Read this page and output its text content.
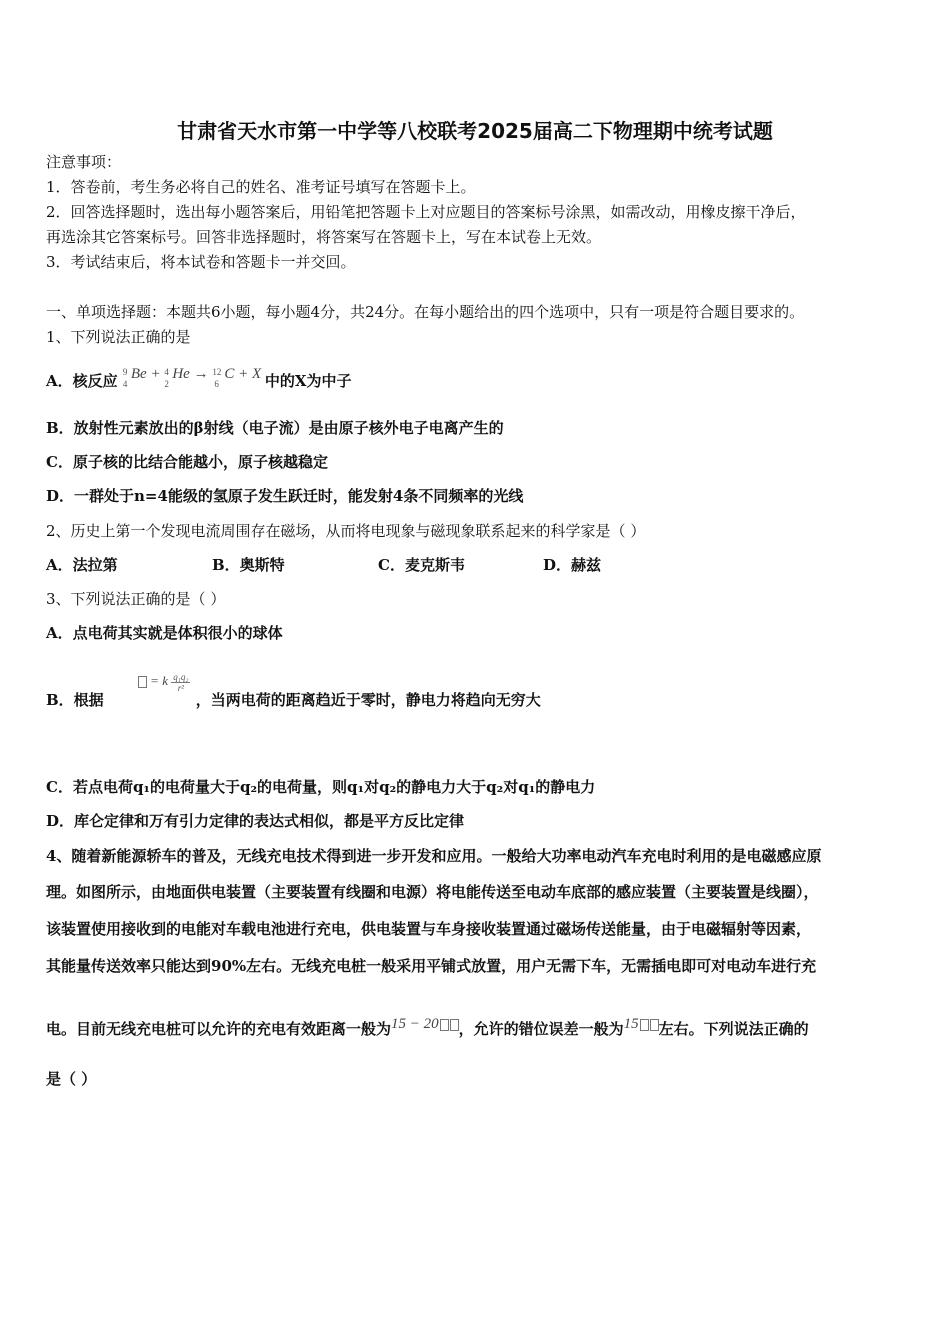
甘肃省天水市第一中学等八校联考2025届高二下物理期中统考试题
注意事项：
1．答卷前，考生务必将自己的姓名、准考证号填写在答题卡上。
2．回答选择题时，选出每小题答案后，用铅笔把答题卡上对应题目的答案标号涂黑，如需改动，用橡皮擦干净后，
再选涂其它答案标号。回答非选择题时，将答案写在答题卡上，写在本试卷上无效。
3．考试结束后，将本试卷和答题卡一并交回。
一、单项选择题：本题共6小题，每小题4分，共24分。在每小题给出的四个选项中，只有一项是符合题目要求的。
1、下列说法正确的是
A．核反应
9
4
Be + 4
2
He → 12
6
C + X 中的X为中子
B．放射性元素放出的β射线（电子流）是由原子核外电子电离产生的
C．原子核的比结合能越小，原子核越稳定
D．一群处于n=4能级的氢原子发生跃迁时，能发射4条不同频率的光线
2、历史上第一个发现电流周围存在磁场，从而将电现象与磁现象联系起来的科学家是（ ）
A．法拉第	B．奥斯特	C．麦克斯韦	D．赫兹
3、下列说法正确的是（ ）
A．点电荷其实就是体积很小的球体
B．根据  = k $\frac{\text{q₁q₂}}{\text{r²}}$
，当两电荷的距离趋近于零时，静电力将趋向无穷大
C．若点电荷q₁的电荷量大于q₂的电荷量，则q₁对q₂的静电力大于q₂对q₁的静电力
D．库仑定律和万有引力定律的表达式相似，都是平方反比定律
4、随着新能源轿车的普及，无线充电技术得到进一步开发和应用。一般给大功率电动汽车充电时利用的是电磁感应原
理。如图所示，由地面供电装置（主要装置有线圈和电源）将电能传送至电动车底部的感应装置（主要装置是线圈），
该装置使用接收到的电能对车载电池进行充电，供电装置与车身接收装置通过磁场传送能量，由于电磁辐射等因素，
其能量传送效率只能达到90%左右。无线充电桩一般采用平铺式放置，用户无需下车，无需插电即可对电动车进行充
电。目前无线充电桩可以允许的充电有效距离一般为15 − 20 ，允许的错位误差一般为15 左右。下列说法正确的
是（ ）
